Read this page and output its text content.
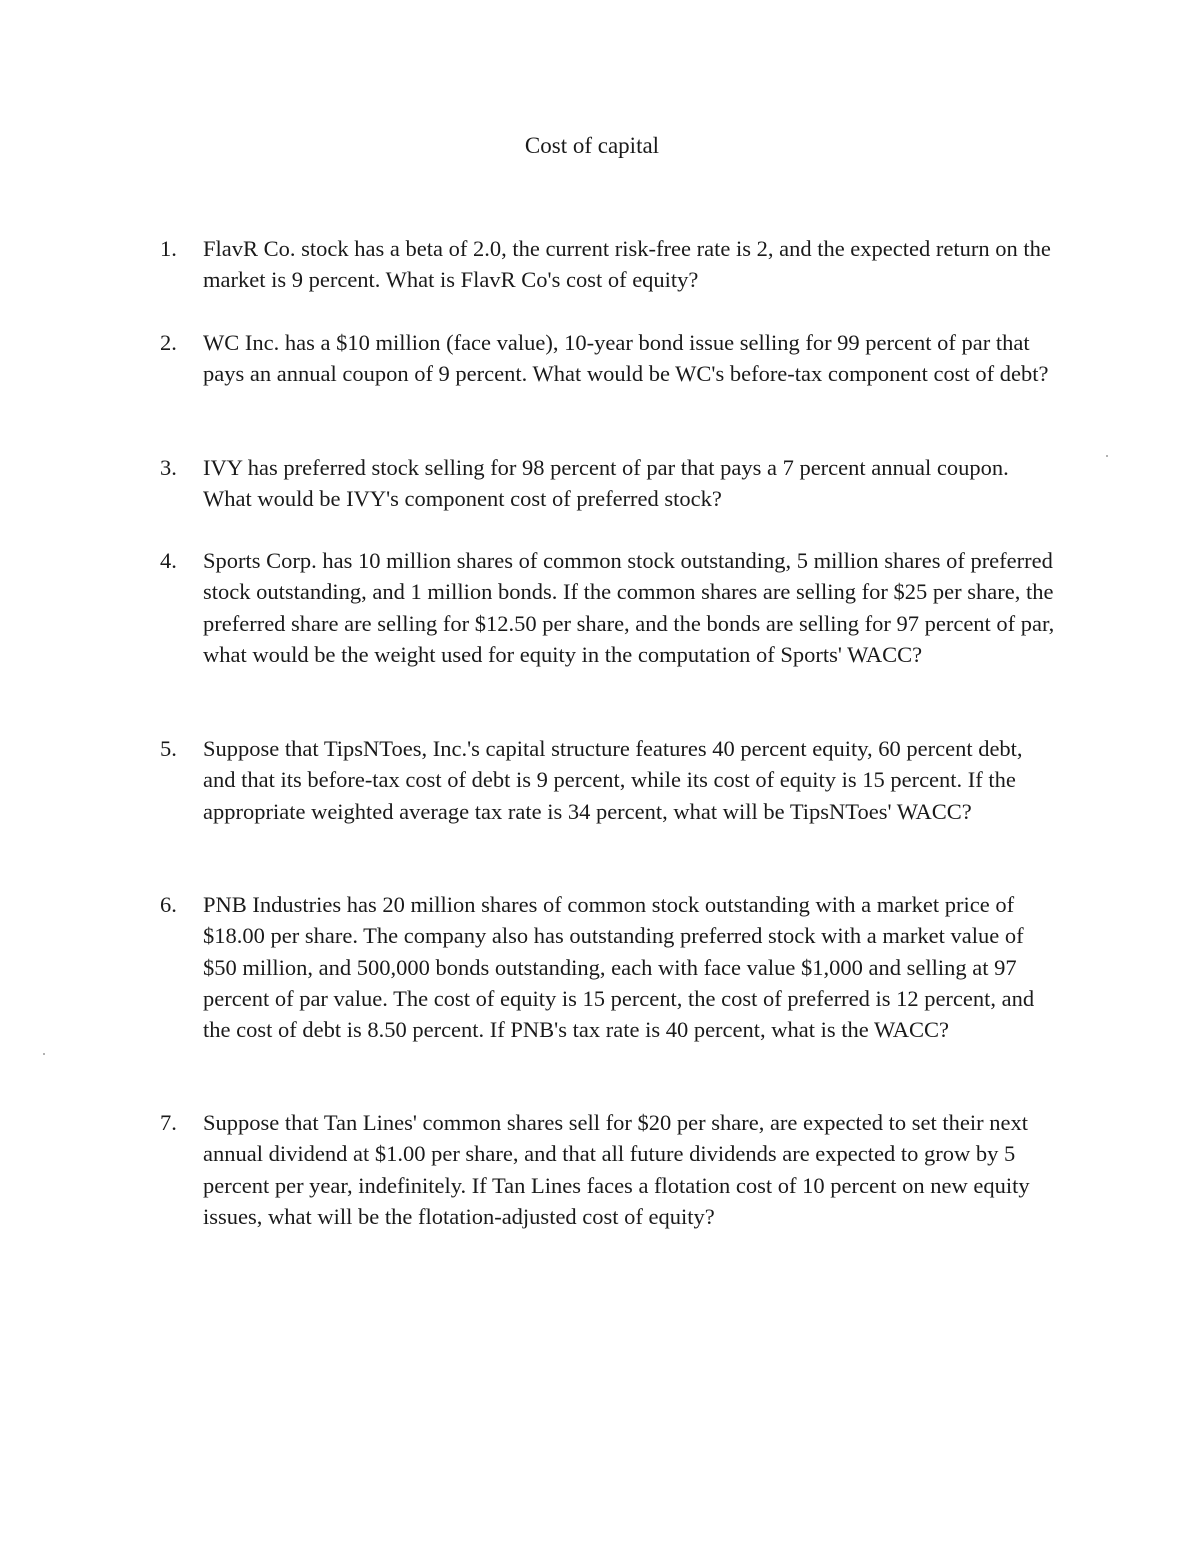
Cost of capital
1.	FlavR Co. stock has a beta of 2.0, the current risk-free rate is 2, and the expected return on the market is 9 percent. What is FlavR Co's cost of equity?
2.	WC Inc. has a $10 million (face value), 10-year bond issue selling for 99 percent of par that pays an annual coupon of 9 percent. What would be WC's before-tax component cost of debt?
3.	IVY has preferred stock selling for 98 percent of par that pays a 7 percent annual coupon. What would be IVY's component cost of preferred stock?
4.	Sports Corp. has 10 million shares of common stock outstanding, 5 million shares of preferred stock outstanding, and 1 million bonds. If the common shares are selling for $25 per share, the preferred share are selling for $12.50 per share, and the bonds are selling for 97 percent of par, what would be the weight used for equity in the computation of Sports' WACC?
5.	Suppose that TipsNToes, Inc.'s capital structure features 40 percent equity, 60 percent debt, and that its before-tax cost of debt is 9 percent, while its cost of equity is 15 percent. If the appropriate weighted average tax rate is 34 percent, what will be TipsNToes' WACC?
6.	PNB Industries has 20 million shares of common stock outstanding with a market price of $18.00 per share. The company also has outstanding preferred stock with a market value of $50 million, and 500,000 bonds outstanding, each with face value $1,000 and selling at 97 percent of par value. The cost of equity is 15 percent, the cost of preferred is 12 percent, and the cost of debt is 8.50 percent. If PNB's tax rate is 40 percent, what is the WACC?
7.	Suppose that Tan Lines' common shares sell for $20 per share, are expected to set their next annual dividend at $1.00 per share, and that all future dividends are expected to grow by 5 percent per year, indefinitely. If Tan Lines faces a flotation cost of 10 percent on new equity issues, what will be the flotation-adjusted cost of equity?
